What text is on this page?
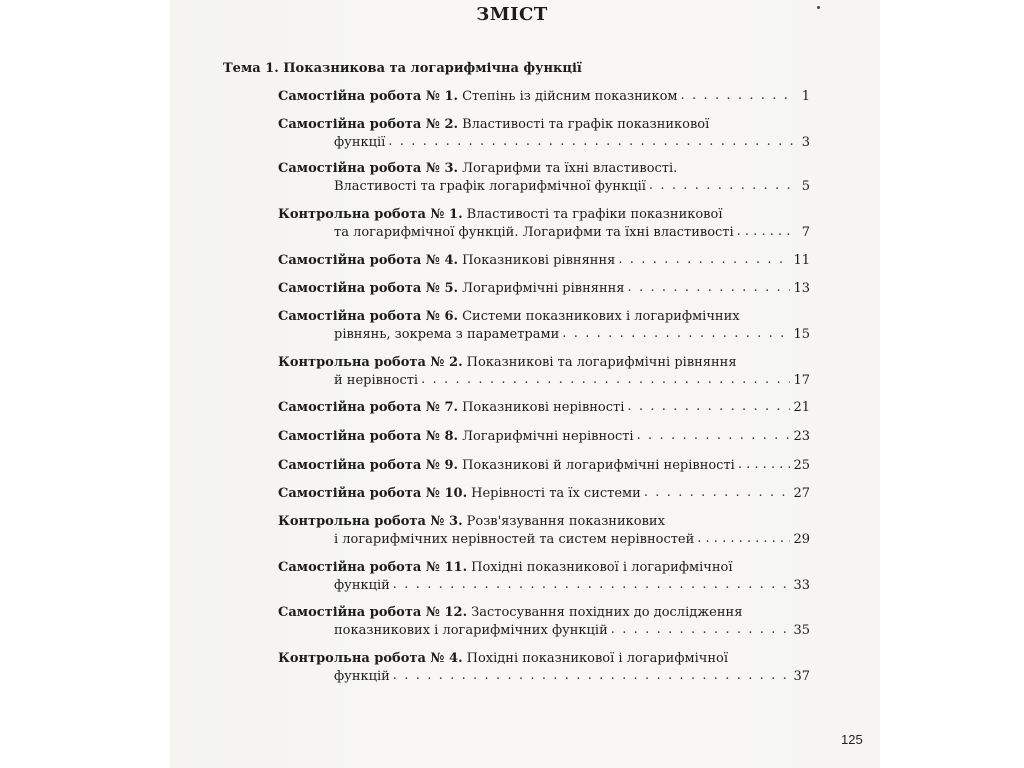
ЗМІСТ
Тема 1. Показникова та логарифмічна функції
Самостійна робота № 1. Степінь із дійсним показником . . .	1
Самостійна робота № 2. Властивості та графік показникової
функції . . .	3
Самостійна робота № 3. Логарифми та їхні властивості.
Властивості та графік логарифмічної функції . . .	5
Контрольна робота № 1. Властивості та графіки показникової
та логарифмічної функцій. Логарифми та їхні властивості . . .	7
Самостійна робота № 4. Показникові рівняння . . .	11
Самостійна робота № 5. Логарифмічні рівняння . . .	13
Самостійна робота № 6. Системи показникових і логарифмічних
рівнянь, зокрема з параметрами . . .	15
Контрольна робота № 2. Показникові та логарифмічні рівняння
й нерівності . . .	17
Самостійна робота № 7. Показникові нерівності . . .	21
Самостійна робота № 8. Логарифмічні нерівності . . .	23
Самостійна робота № 9. Показникові й логарифмічні нерівності . . .	25
Самостійна робота № 10. Нерівності та їх системи . . .	27
Контрольна робота № 3. Розв'язування показникових
і логарифмічних нерівностей та систем нерівностей . . .	29
Самостійна робота № 11. Похідні показникової і логарифмічної
функцій . . .	33
Самостійна робота № 12. Застосування похідних до дослідження
показникових і логарифмічних функцій . . .	35
Контрольна робота № 4. Похідні показникової і логарифмічної
функцій . . .	37
125
